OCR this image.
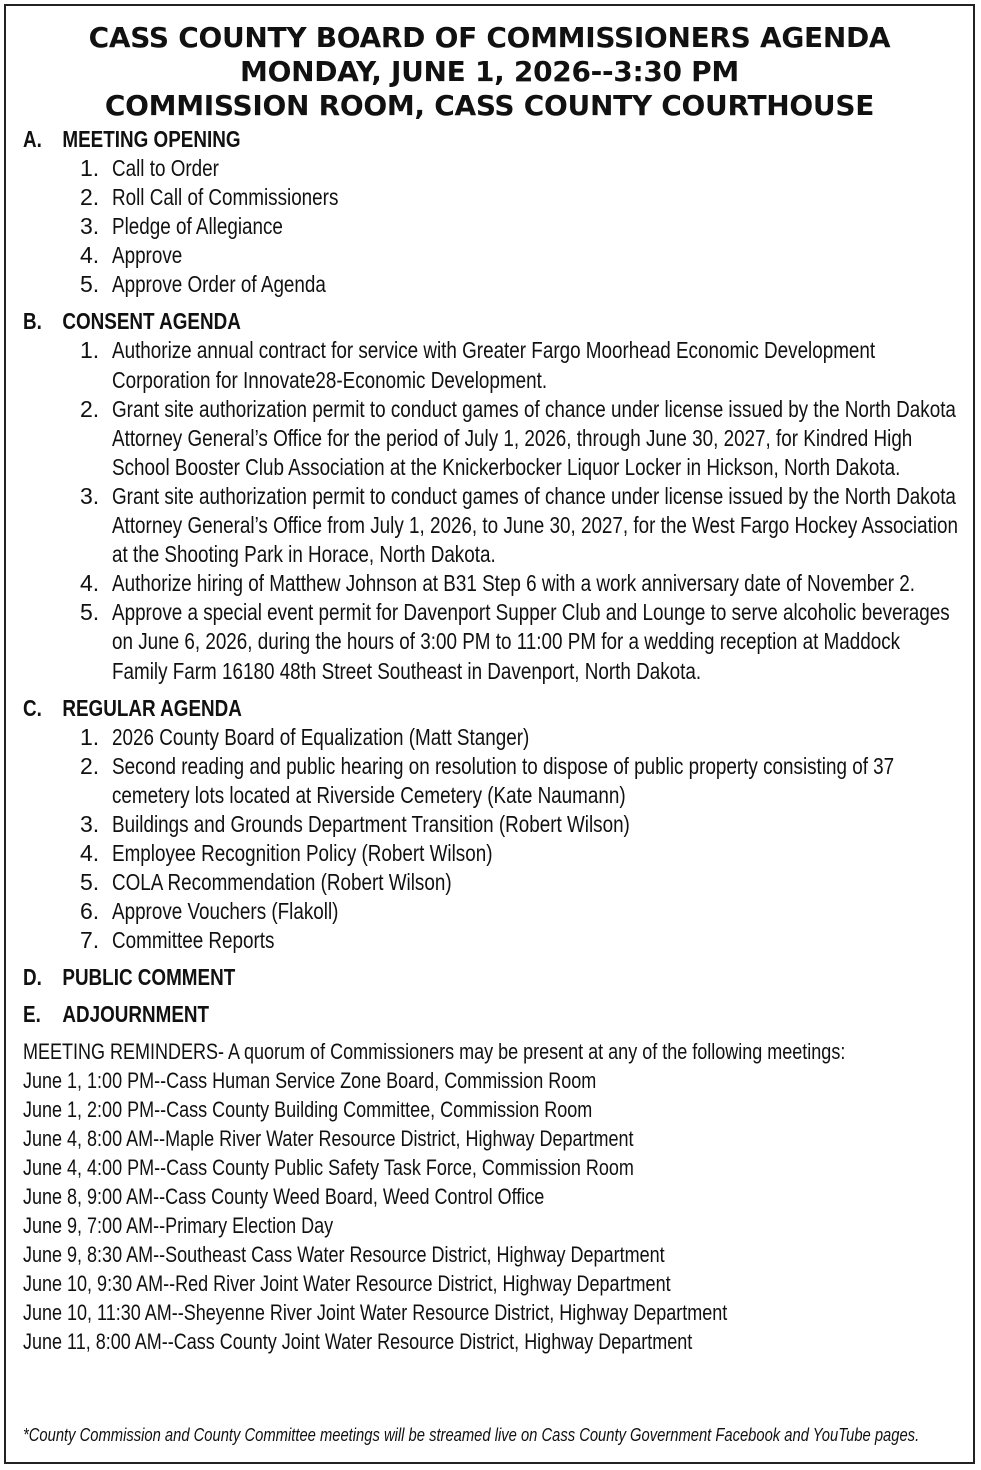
CASS COUNTY BOARD OF COMMISSIONERS AGENDA
MONDAY, JUNE 1, 2026--3:30 PM
COMMISSION ROOM, CASS COUNTY COURTHOUSE
A. MEETING OPENING
1. Call to Order
2. Roll Call of Commissioners
3. Pledge of Allegiance
4. Approve
5. Approve Order of Agenda
B. CONSENT AGENDA
1. Authorize annual contract for service with Greater Fargo Moorhead Economic Development Corporation for Innovate28-Economic Development.
2. Grant site authorization permit to conduct games of chance under license issued by the North Dakota Attorney General’s Office for the period of July 1, 2026, through June 30, 2027, for Kindred High School Booster Club Association at the Knickerbocker Liquor Locker in Hickson, North Dakota.
3. Grant site authorization permit to conduct games of chance under license issued by the North Dakota Attorney General’s Office from July 1, 2026, to June 30, 2027, for the West Fargo Hockey Association at the Shooting Park in Horace, North Dakota.
4. Authorize hiring of Matthew Johnson at B31 Step 6 with a work anniversary date of November 2.
5. Approve a special event permit for Davenport Supper Club and Lounge to serve alcoholic beverages on June 6, 2026, during the hours of 3:00 PM to 11:00 PM for a wedding reception at Maddock Family Farm 16180 48th Street Southeast in Davenport, North Dakota.
C. REGULAR AGENDA
1. 2026 County Board of Equalization (Matt Stanger)
2. Second reading and public hearing on resolution to dispose of public property consisting of 37 cemetery lots located at Riverside Cemetery (Kate Naumann)
3. Buildings and Grounds Department Transition (Robert Wilson)
4. Employee Recognition Policy (Robert Wilson)
5. COLA Recommendation (Robert Wilson)
6. Approve Vouchers (Flakoll)
7. Committee Reports
D. PUBLIC COMMENT
E. ADJOURNMENT
MEETING REMINDERS- A quorum of Commissioners may be present at any of the following meetings:
June 1, 1:00 PM--Cass Human Service Zone Board, Commission Room
June 1, 2:00 PM--Cass County Building Committee, Commission Room
June 4, 8:00 AM--Maple River Water Resource District, Highway Department
June 4, 4:00 PM--Cass County Public Safety Task Force, Commission Room
June 8, 9:00 AM--Cass County Weed Board, Weed Control Office
June 9, 7:00 AM--Primary Election Day
June 9, 8:30 AM--Southeast Cass Water Resource District, Highway Department
June 10, 9:30 AM--Red River Joint Water Resource District, Highway Department
June 10, 11:30 AM--Sheyenne River Joint Water Resource District, Highway Department
June 11, 8:00 AM--Cass County Joint Water Resource District, Highway Department
*County Commission and County Committee meetings will be streamed live on Cass County Government Facebook and YouTube pages.
